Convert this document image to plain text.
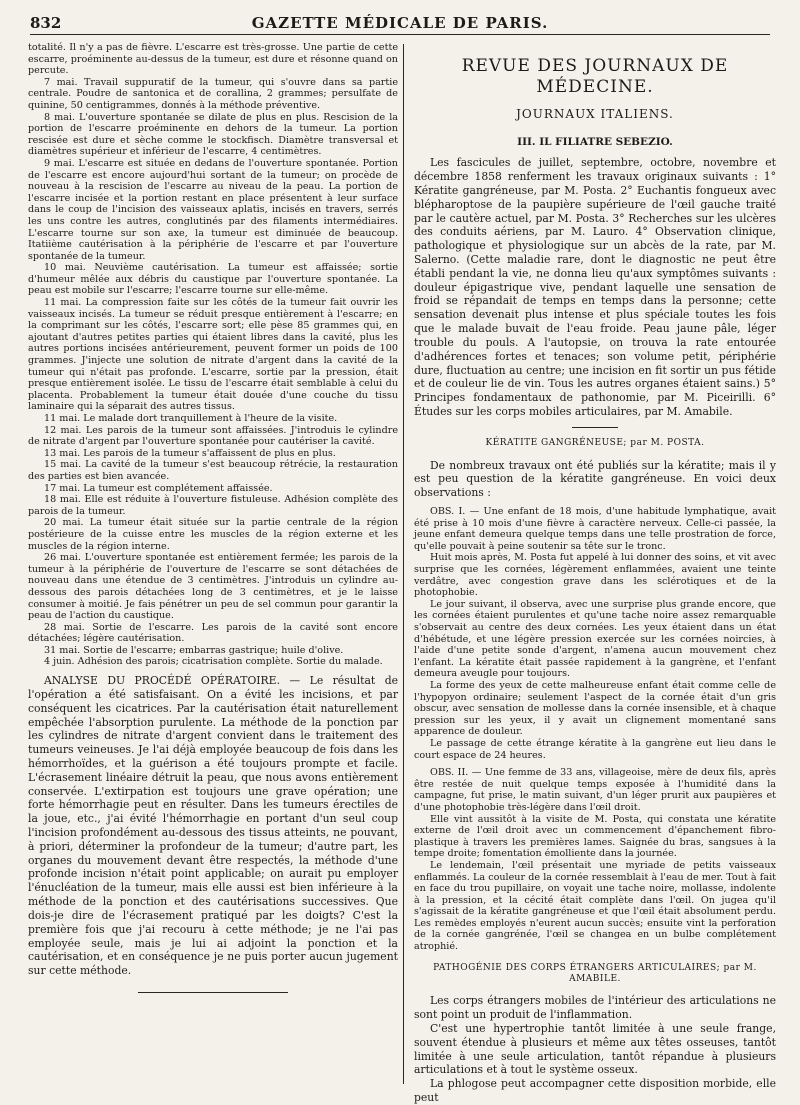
832	GAZETTE MÉDICALE DE PARIS.

totalité. Il n'y a pas de fièvre. L'escarre est très-grosse. Une partie de cette escarre, proéminente au-dessus de la tumeur, est dure et résonne quand on percute.

7 mai. Travail suppuratif de la tumeur, qui s'ouvre dans sa partie centrale. Poudre de santonica et de corallina, 2 grammes; persulfate de quinine, 50 centigrammes, donnés à la méthode préventive.

8 mai. L'ouverture spontanée se dilate de plus en plus. Rescision de la portion de l'escarre proéminente en dehors de la tumeur. La portion rescisée est dure et sèche comme le stockfisch. Diamètre transversal et diamètres supérieur et inférieur de l'escarre, 4 centimètres.

9 mai. L'escarre est située en dedans de l'ouverture spontanée. Portion de l'escarre est encore aujourd'hui sortant de la tumeur; on procède de nouveau à la rescision de l'escarre au niveau de la peau. La portion de l'escarre incisée et la portion restant en place présentent à leur surface dans le coup de l'incision des vaisseaux aplatis, incisés en travers, serrés les uns contre les autres, conglutinés par des filaments intermédiaires. L'escarre tourne sur son axe, la tumeur est diminuée de beaucoup. Itatiième cautérisation à la périphérie de l'escarre et par l'ouverture spontanée de la tumeur.

10 mai. Neuvième cautérisation. La tumeur est affaissée; sortie d'humeur mêlée aux débris du caustique par l'ouverture spontanée. La peau est mobile sur l'escarre; l'escarre tourne sur elle-même.

11 mai. La compression faite sur les côtés de la tumeur fait ouvrir les vaisseaux incisés. La tumeur se réduit presque entièrement à l'escarre; en la comprimant sur les côtés, l'escarre sort; elle pèse 85 grammes qui, en ajoutant d'autres petites parties qui étaient libres dans la cavité, plus les autres portions incisées antérieurement, peuvent former un poids de 100 grammes. J'injecte une solution de nitrate d'argent dans la cavité de la tumeur qui n'était pas profonde. L'escarre, sortie par la pression, était presque entièrement isolée. Le tissu de l'escarre était semblable à celui du placenta. Probablement la tumeur était douée d'une couche du tissu laminaire qui la séparait des autres tissus.

11 mai. Le malade dort tranquillement à l'heure de la visite.

12 mai. Les parois de la tumeur sont affaissées. J'introduis le cylindre de nitrate d'argent par l'ouverture spontanée pour cautériser la cavité.

13 mai. Les parois de la tumeur s'affaissent de plus en plus.

15 mai. La cavité de la tumeur s'est beaucoup rétrécie, la restauration des parties est bien avancée.

17 mai. La tumeur est complétement affaissée.

18 mai. Elle est réduite à l'ouverture fistuleuse. Adhésion complète des parois de la tumeur.

20 mai. La tumeur était située sur la partie centrale de la région postérieure de la cuisse entre les muscles de la région externe et les muscles de la région interne.

26 mai. L'ouverture spontanée est entièrement fermée; les parois de la tumeur à la périphérie de l'ouverture de l'escarre se sont détachées de nouveau dans une étendue de 3 centimètres. J'introduis un cylindre au-dessous des parois détachées long de 3 centimètres, et je le laisse consumer à moitié. Je fais pénétrer un peu de sel commun pour garantir la peau de l'action du caustique.

28 mai. Sortie de l'escarre. Les parois de la cavité sont encore détachées; légère cautérisation.

31 mai. Sortie de l'escarre; embarras gastrique; huile d'olive.

4 juin. Adhésion des parois; cicatrisation complète. Sortie du malade.

ANALYSE DU PROCÉDÉ OPÉRATOIRE. — Le résultat de l'opération a été satisfaisant. On a évité les incisions, et par conséquent les cicatrices. Par la cautérisation était naturellement empêchée l'absorption purulente. La méthode de la ponction par les cylindres de nitrate d'argent convient dans le traitement des tumeurs veineuses. Je l'ai déjà employée beaucoup de fois dans les hémorrhoïdes, et la guérison a été toujours prompte et facile. L'écrasement linéaire détruit la peau, que nous avons entièrement conservée. L'extirpation est toujours une grave opération; une forte hémorrhagie peut en résulter. Dans les tumeurs érectiles de la joue, etc., j'ai évité l'hémorrhagie en portant d'un seul coup l'incision profondément au-dessous des tissus atteints, ne pouvant, à priori, déterminer la profondeur de la tumeur; d'autre part, les organes du mouvement devant être respectés, la méthode d'une profonde incision n'était point applicable; on aurait pu employer l'énucléation de la tumeur, mais elle aussi est bien inférieure à la méthode de la ponction et des cautérisations successives. Que dois-je dire de l'écrasement pratiqué par les doigts? C'est la première fois que j'ai recouru à cette méthode; je ne l'ai pas employée seule, mais je lui ai adjoint la ponction et la cautérisation, et en conséquence je ne puis porter aucun jugement sur cette méthode.

REVUE DES JOURNAUX DE MÉDECINE.
JOURNAUX ITALIENS.
III. IL FILIATRE SEBEZIO.

Les fascicules de juillet, septembre, octobre, novembre et décembre 1858 renferment les travaux originaux suivants : 1° Kératite gangréneuse, par M. Posta. 2° Euchantis fongueux avec blépharoptose de la paupière supérieure de l'œil gauche traité par le cautère actuel, par M. Posta. 3° Recherches sur les ulcères des conduits aériens, par M. Lauro. 4° Observation clinique, pathologique et physiologique sur un abcès de la rate, par M. Salerno. (Cette maladie rare, dont le diagnostic ne peut être établi pendant la vie, ne donna lieu qu'aux symptômes suivants : douleur épigastrique vive, pendant laquelle une sensation de froid se répandait de temps en temps dans la personne; cette sensation devenait plus intense et plus spéciale toutes les fois que le malade buvait de l'eau froide. Peau jaune pâle, léger trouble du pouls. A l'autopsie, on trouva la rate entourée d'adhérences fortes et tenaces; son volume petit, périphérie dure, fluctuation au centre; une incision en fit sortir un pus fétide et de couleur lie de vin. Tous les autres organes étaient sains.) 5° Principes fondamentaux de pathonomie, par M. Piceirilli. 6° Études sur les corps mobiles articulaires, par M. Amabile.

KÉRATITE GANGRÉNEUSE; par M. POSTA.

De nombreux travaux ont été publiés sur la kératite; mais il y est peu question de la kératite gangréneuse. En voici deux observations :

OBS. I. — Une enfant de 18 mois, d'une habitude lymphatique, avait été prise à 10 mois d'une fièvre à caractère nerveux. Celle-ci passée, la jeune enfant demeura quelque temps dans une telle prostration de force, qu'elle pouvait à peine soutenir sa tête sur le tronc.

Huit mois après, M. Posta fut appelé à lui donner des soins, et vit avec surprise que les cornées, légèrement enflammées, avaient une teinte verdâtre, avec congestion grave dans les sclérotiques et de la photophobie.

Le jour suivant, il observa, avec une surprise plus grande encore, que les cornées étaient purulentes et qu'une tache noire assez remarquable s'observait au centre des deux cornées. Les yeux étaient dans un état d'hébétude, et une légère pression exercée sur les cornées noircies, à l'aide d'une petite sonde d'argent, n'amena aucun mouvement chez l'enfant. La kératite était passée rapidement à la gangrène, et l'enfant demeura aveugle pour toujours.

La forme des yeux de cette malheureuse enfant était comme celle de l'hypopyon ordinaire; seulement l'aspect de la cornée était d'un gris obscur, avec sensation de mollesse dans la cornée insensible, et à chaque pression sur les yeux, il y avait un clignement momentané sans apparence de douleur.

Le passage de cette étrange kératite à la gangrène eut lieu dans le court espace de 24 heures.

OBS. II. — Une femme de 33 ans, villageoise, mère de deux fils, après être restée de nuit quelque temps exposée à l'humidité dans la campagne, fut prise, le matin suivant, d'un léger prurit aux paupières et d'une photophobie très-légère dans l'œil droit.

Elle vint aussitôt à la visite de M. Posta, qui constata une kératite externe de l'œil droit avec un commencement d'épanchement fibro-plastique à travers les premières lames. Saignée du bras, sangsues à la tempe droite; fomentation émolliente dans la journée.

Le lendemain, l'œil présentait une myriade de petits vaisseaux enflammés. La couleur de la cornée ressemblait à l'eau de mer. Tout à fait en face du trou pupillaire, on voyait une tache noire, mollasse, indolente à la pression, et la cécité était complète dans l'œil. On jugea qu'il s'agissait de la kératite gangréneuse et que l'œil était absolument perdu. Les remèdes employés n'eurent aucun succès; ensuite vint la perforation de la cornée gangrénée, l'œil se changea en un bulbe complétement atrophié.

PATHOGÉNIE DES CORPS ÉTRANGERS ARTICULAIRES; par M. AMABILE.

Les corps étrangers mobiles de l'intérieur des articulations ne sont point un produit de l'inflammation.

C'est une hypertrophie tantôt limitée à une seule frange, souvent étendue à plusieurs et même aux têtes osseuses, tantôt limitée à une seule articulation, tantôt répandue à plusieurs articulations et à tout le système osseux.

La phlogose peut accompagner cette disposition morbide, elle peut
